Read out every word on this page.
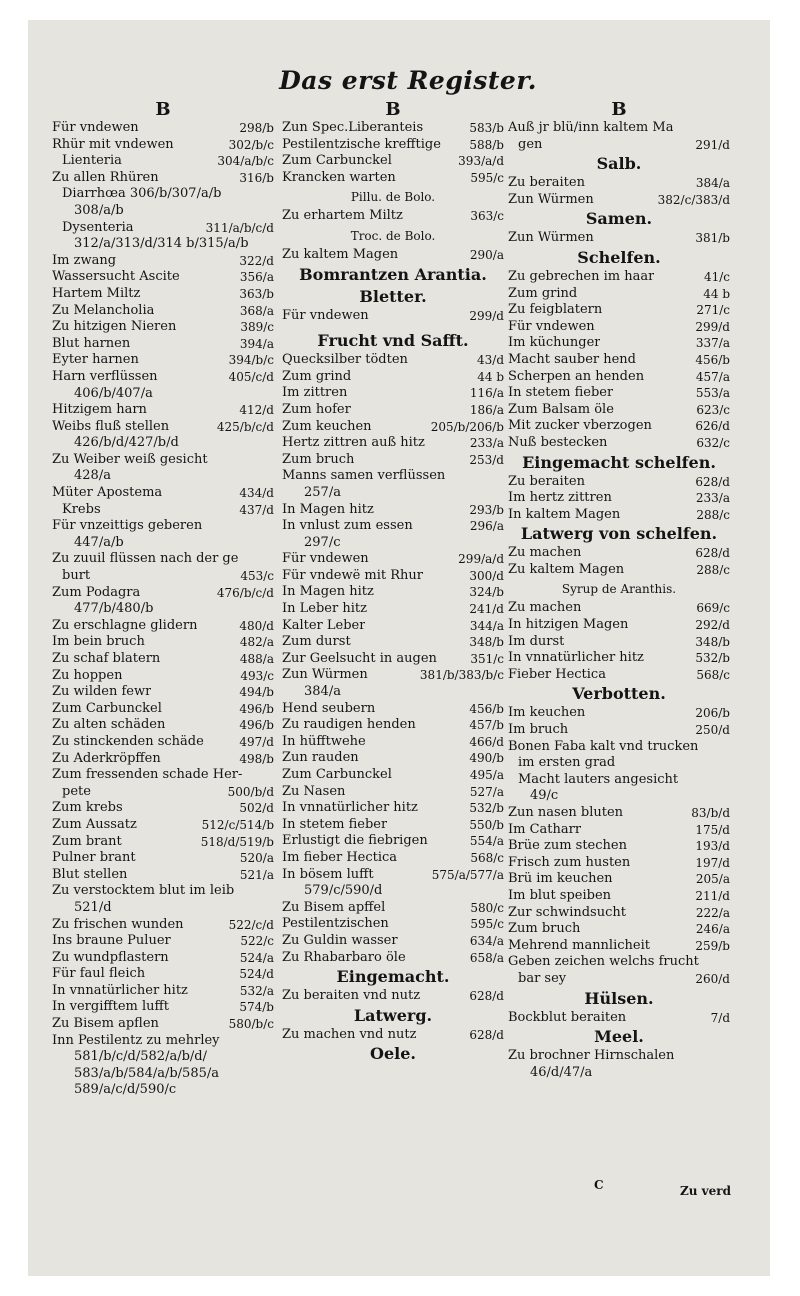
Das erst Register.
B
Für vndewen	298/b
Rhür mit vndewen	302/b/c
Lienteria	304/a/b/c
Zu allen Rhüren	316/b
Diarrhœa 306/b/307/a/b
308/a/b
Dysenteria	311/a/b/c/d
312/a/313/d/314 b/315/a/b
Im zwang	322/d
Wassersucht Ascite	356/a
Hartem Miltz	363/b
Zu Melancholia	368/a
Zu hitzigen Nieren	389/c
Blut harnen	394/a
Eyter harnen	394/b/c
Harn verflüssen	405/c/d
406/b/407/a
Hitzigem harn	412/d
Weibs fluß stellen	425/b/c/d
426/b/d/427/b/d
Zu Weiber weiß gesicht
428/a
Müter Apostema	434/d
Krebs	437/d
Für vnzeittigs geberen
447/a/b
Zu zuuil flüssen nach der ge
burt	453/c
Zum Podagra	476/b/c/d
477/b/480/b
Zu erschlagne glidern	480/d
Im bein bruch	482/a
Zu schaf blatern	488/a
Zu hoppen	493/c
Zu wilden fewr	494/b
Zum Carbunckel	496/b
Zu alten schäden	496/b
Zu stinckenden schäde	497/d
Zu Aderkröpffen	498/b
Zum fressenden schade Her-
pete	500/b/d
Zum krebs	502/d
Zum Aussatz	512/c/514/b
Zum brant	518/d/519/b
Pulner brant	520/a
Blut stellen	521/a
Zu verstocktem blut im leib
521/d
Zu frischen wunden	522/c/d
Ins braune Puluer	522/c
Zu wundpflastern	524/a
Für faul fleich	524/d
In vnnatürlicher hitz	532/a
In vergifftem lufft	574/b
Zu Bisem apflen	580/b/c
Inn Pestilentz zu mehrley
581/b/c/d/582/a/b/d/
583/a/b/584/a/b/585/a
589/a/c/d/590/c
B
Zun Spec.Liberanteis	583/b
Pestilentzische krefftige	588/b
Zum Carbunckel	393/a/d
Krancken warten	595/c
Pillu. de Bolo.
Zu erhartem Miltz	363/c
Troc. de Bolo.
Zu kaltem Magen	290/a
Bomrantzen Arantia.
Bletter.
Für vndewen	299/d
Frucht vnd Safft.
Quecksilber tödten	43/d
Zum grind	44 b
Im zittren	116/a
Zum hofer	186/a
Zum keuchen	205/b/206/b
Hertz zittren auß hitz	233/a
Zum bruch	253/d
Manns samen verflüssen
257/a
In Magen hitz	293/b
In vnlust zum essen	296/a
297/c
Für vndewen	299/a/d
Für vndewë mit Rhur	300/d
In Magen hitz	324/b
In Leber hitz	241/d
Kalter Leber	344/a
Zum durst	348/b
Zur Geelsucht in augen	351/c
Zun Würmen	381/b/383/b/c
384/a
Hend seubern	456/b
Zu raudigen henden	457/b
In hüfftwehe	466/d
Zun rauden	490/b
Zum Carbunckel	495/a
Zu Nasen	527/a
In vnnatürlicher hitz	532/b
In stetem fieber	550/b
Erlustigt die fiebrigen	554/a
Im fieber Hectica	568/c
In bösem lufft	575/a/577/a
579/c/590/d
Zu Bisem apffel	580/c
Pestilentzischen	595/c
Zu Guldin wasser	634/a
Zu Rhabarbaro öle	658/a
Eingemacht.
Zu beraiten vnd nutz	628/d
Latwerg.
Zu machen vnd nutz	628/d
Oele.
B
Auß jr blü/inn kaltem Ma
gen	291/d
Salb.
Zu beraiten	384/a
Zun Würmen	382/c/383/d
Samen.
Zun Würmen	381/b
Schelfen.
Zu gebrechen im haar	41/c
Zum grind	44 b
Zu feigblatern	271/c
Für vndewen	299/d
Im küchunger	337/a
Macht sauber hend	456/b
Scherpen an henden	457/a
In stetem fieber	553/a
Zum Balsam öle	623/c
Mit zucker vberzogen	626/d
Nuß bestecken	632/c
Eingemacht schelfen.
Zu beraiten	628/d
Im hertz zittren	233/a
In kaltem Magen	288/c
Latwerg von schelfen.
Zu machen	628/d
Zu kaltem Magen	288/c
Syrup de Aranthis.
Zu machen	669/c
In hitzigen Magen	292/d
Im durst	348/b
In vnnatürlicher hitz	532/b
Fieber Hectica	568/c
Verbotten.
Im keuchen	206/b
Im bruch	250/d
Bonen Faba kalt vnd trucken
im ersten grad
Macht lauters angesicht
49/c
Zun nasen bluten	83/b/d
Im Catharr	175/d
Brüe zum stechen	193/d
Frisch zum husten	197/d
Brü im keuchen	205/a
Im blut speiben	211/d
Zur schwindsucht	222/a
Zum bruch	246/a
Mehrend mannlicheit	259/b
Geben zeichen welchs frucht
bar sey	260/d
Hülsen.
Bockblut beraiten	7/d
Meel.
Zu brochner Hirnschalen
46/d/47/a
C	Zu verd
